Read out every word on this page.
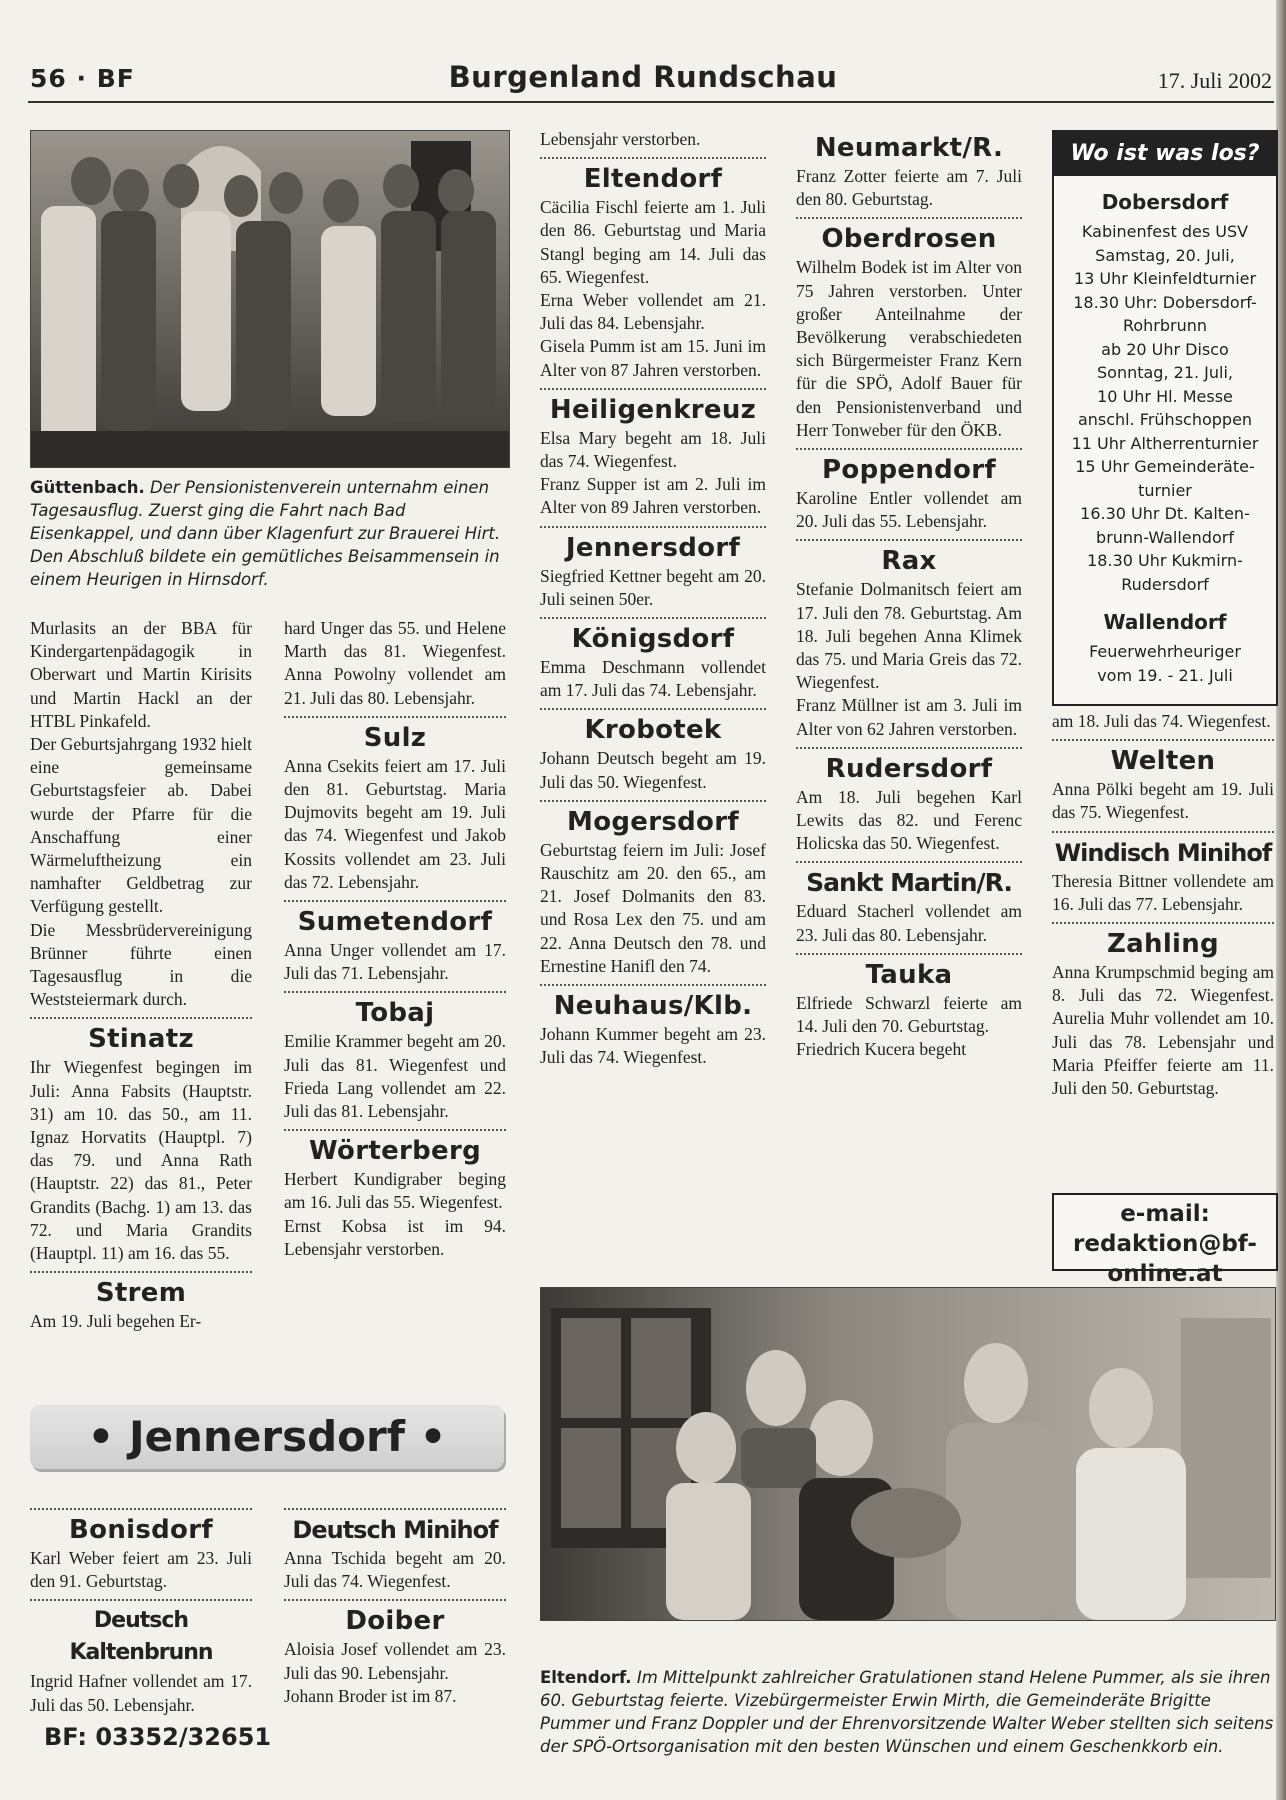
56 · BF	Burgenland Rundschau	17. Juli 2002
Güttenbach. Der Pensionistenverein unternahm einen Tagesausflug. Zuerst ging die Fahrt nach Bad Eisenkappel, und dann über Klagenfurt zur Brauerei Hirt. Den Abschluß bildete ein gemütliches Beisammensein in einem Heurigen in Hirnsdorf.

Murlasits an der BBA für Kindergartenpädagogik in Oberwart und Martin Kirisits und Martin Hackl an der HTBL Pinkafeld.

Der Geburtsjahrgang 1932 hielt eine gemeinsame Geburtstagsfeier ab. Dabei wurde der Pfarre für die Anschaffung einer Wärmeluftheizung ein namhafter Geldbetrag zur Verfügung gestellt.

Die Messbrüdervereinigung Brünner führte einen Tagesausflug in die Weststeiermark durch.

Stinatz

Ihr Wiegenfest begingen im Juli: Anna Fabsits (Hauptstr. 31) am 10. das 50., am 11. Ignaz Horvatits (Hauptpl. 7) das 79. und Anna Rath (Hauptstr. 22) das 81., Peter Grandits (Bachg. 1) am 13. das 72. und Maria Grandits (Hauptpl. 11) am 16. das 55.

Strem

Am 19. Juli begehen Er-

hard Unger das 55. und Helene Marth das 81. Wiegenfest. Anna Powolny vollendet am 21. Juli das 80. Lebensjahr.

Sulz

Anna Csekits feiert am 17. Juli den 81. Geburtstag. Maria Dujmovits begeht am 19. Juli das 74. Wiegenfest und Jakob Kossits vollendet am 23. Juli das 72. Lebensjahr.

Sumetendorf

Anna Unger vollendet am 17. Juli das 71. Lebensjahr.

Tobaj

Emilie Krammer begeht am 20. Juli das 81. Wiegenfest und Frieda Lang vollendet am 22. Juli das 81. Lebensjahr.

Wörterberg

Herbert Kundigraber beging am 16. Juli das 55. Wiegenfest.

Ernst Kobsa ist im 94. Lebensjahr verstorben.

Lebensjahr verstorben.

Eltendorf

Cäcilia Fischl feierte am 1. Juli den 86. Geburtstag und Maria Stangl beging am 14. Juli das 65. Wiegenfest.

Erna Weber vollendet am 21. Juli das 84. Lebensjahr.

Gisela Pumm ist am 15. Juni im Alter von 87 Jahren verstorben.

Heiligenkreuz

Elsa Mary begeht am 18. Juli das 74. Wiegenfest.

Franz Supper ist am 2. Juli im Alter von 89 Jahren verstorben.

Jennersdorf

Siegfried Kettner begeht am 20. Juli seinen 50er.

Königsdorf

Emma Deschmann vollendet am 17. Juli das 74. Lebensjahr.

Krobotek

Johann Deutsch begeht am 19. Juli das 50. Wiegenfest.

Mogersdorf

Geburtstag feiern im Juli: Josef Rauschitz am 20. den 65., am 21. Josef Dolmanits den 83. und Rosa Lex den 75. und am 22. Anna Deutsch den 78. und Ernestine Hanifl den 74.

Neuhaus/Klb.

Johann Kummer begeht am 23. Juli das 74. Wiegenfest.

Neumarkt/R.

Franz Zotter feierte am 7. Juli den 80. Geburtstag.

Oberdrosen

Wilhelm Bodek ist im Alter von 75 Jahren verstorben. Unter großer Anteilnahme der Bevölkerung verabschiedeten sich Bürgermeister Franz Kern für die SPÖ, Adolf Bauer für den Pensionistenverband und Herr Tonweber für den ÖKB.

Poppendorf

Karoline Entler vollendet am 20. Juli das 55. Lebensjahr.

Rax

Stefanie Dolmanitsch feiert am 17. Juli den 78. Geburtstag. Am 18. Juli begehen Anna Klimek das 75. und Maria Greis das 72. Wiegenfest.

Franz Müllner ist am 3. Juli im Alter von 62 Jahren verstorben.

Rudersdorf

Am 18. Juli begehen Karl Lewits das 82. und Ferenc Holicska das 50. Wiegenfest.

Sankt Martin/R.

Eduard Stacherl vollendet am 23. Juli das 80. Lebensjahr.

Tauka

Elfriede Schwarzl feierte am 14. Juli den 70. Geburtstag.

Friedrich Kucera begeht

Wo ist was los?
Dobersdorf
Kabinenfest des USV
Samstag, 20. Juli,
13 Uhr Kleinfeldturnier
18.30 Uhr: Dobersdorf-
Rohrbrunn
ab 20 Uhr Disco
Sonntag, 21. Juli,
10 Uhr Hl. Messe
anschl. Frühschoppen
11 Uhr Altherrenturnier
15 Uhr Gemeinderäte-
turnier
16.30 Uhr Dt. Kalten-
brunn-Wallendorf
18.30 Uhr Kukmirn-
Rudersdorf
Wallendorf
Feuerwehrheuriger
vom 19. - 21. Juli

am 18. Juli das 74. Wiegenfest.

Welten

Anna Pölki begeht am 19. Juli das 75. Wiegenfest.

Windisch Minihof

Theresia Bittner vollendete am 16. Juli das 77. Lebensjahr.

Zahling

Anna Krumpschmid beging am 8. Juli das 72. Wiegenfest. Aurelia Muhr vollendet am 10. Juli das 78. Lebensjahr und Maria Pfeiffer feierte am 11. Juli den 50. Geburtstag.

e-mail: redaktion@bf-online.at
• Jennersdorf •
Bonisdorf

Karl Weber feiert am 23. Juli den 91. Geburtstag.

Deutsch Kaltenbrunn

Ingrid Hafner vollendet am 17. Juli das 50. Lebensjahr.

BF: 03352/32651
Deutsch Minihof

Anna Tschida begeht am 20. Juli das 74. Wiegenfest.

Doiber

Aloisia Josef vollendet am 23. Juli das 90. Lebensjahr.

Johann Broder ist im 87.

Eltendorf. Im Mittelpunkt zahlreicher Gratulationen stand Helene Pummer, als sie ihren 60. Geburtstag feierte. Vizebürgermeister Erwin Mirth, die Gemeinderäte Brigitte Pummer und Franz Doppler und der Ehrenvorsitzende Walter Weber stellten sich seitens der SPÖ-Ortsorganisation mit den besten Wünschen und einem Geschenkkorb ein.
